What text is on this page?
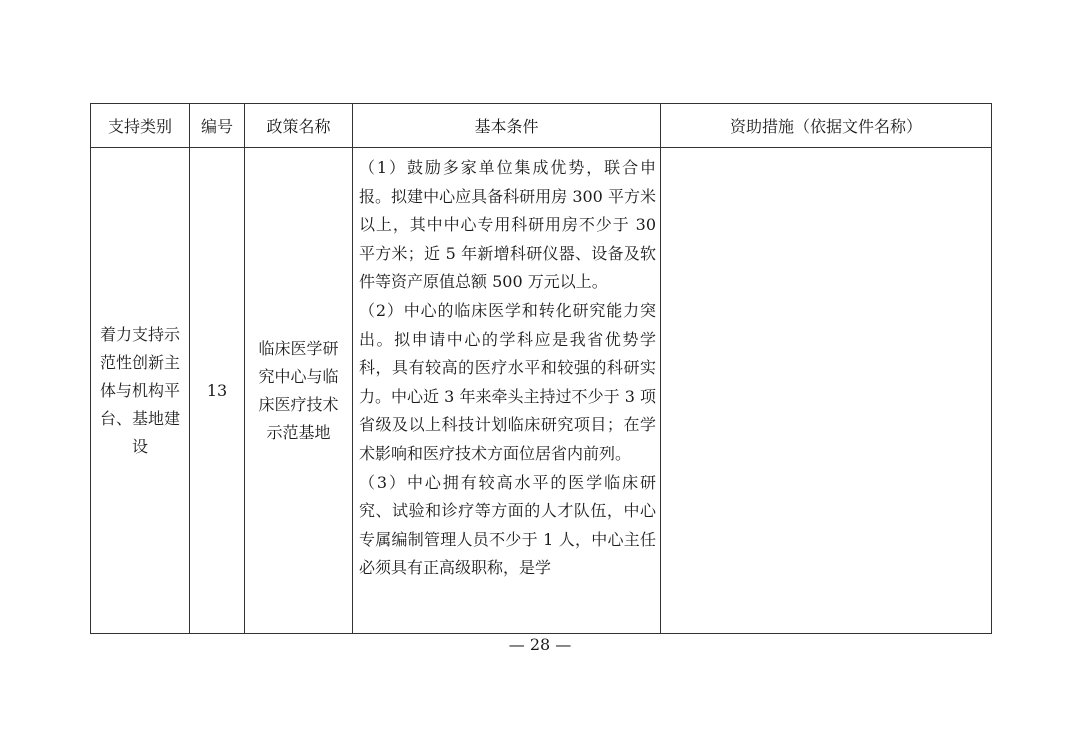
支持类别	编号	政策名称	基本条件	资助措施（依据文件名称）

着力支持示范性创新主体与机构平台、基地建设	13	临床医学研究中心与临床医疗技术示范基地	（1）鼓励多家单位集成优势，联合申报。拟建中心应具备科研用房 300 平方米以上，其中中心专用科研用房不少于 30 平方米；近 5 年新增科研仪器、设备及软件等资产原值总额 500 万元以上。

（2）中心的临床医学和转化研究能力突出。拟申请中心的学科应是我省优势学科，具有较高的医疗水平和较强的科研实力。中心近 3 年来牵头主持过不少于 3 项省级及以上科技计划临床研究项目；在学术影响和医疗技术方面位居省内前列。

（3）中心拥有较高水平的医学临床研究、试验和诊疗等方面的人才队伍，中心专属编制管理人员不少于 1 人，中心主任必须具有正高级职称，是学	

— 28 —
